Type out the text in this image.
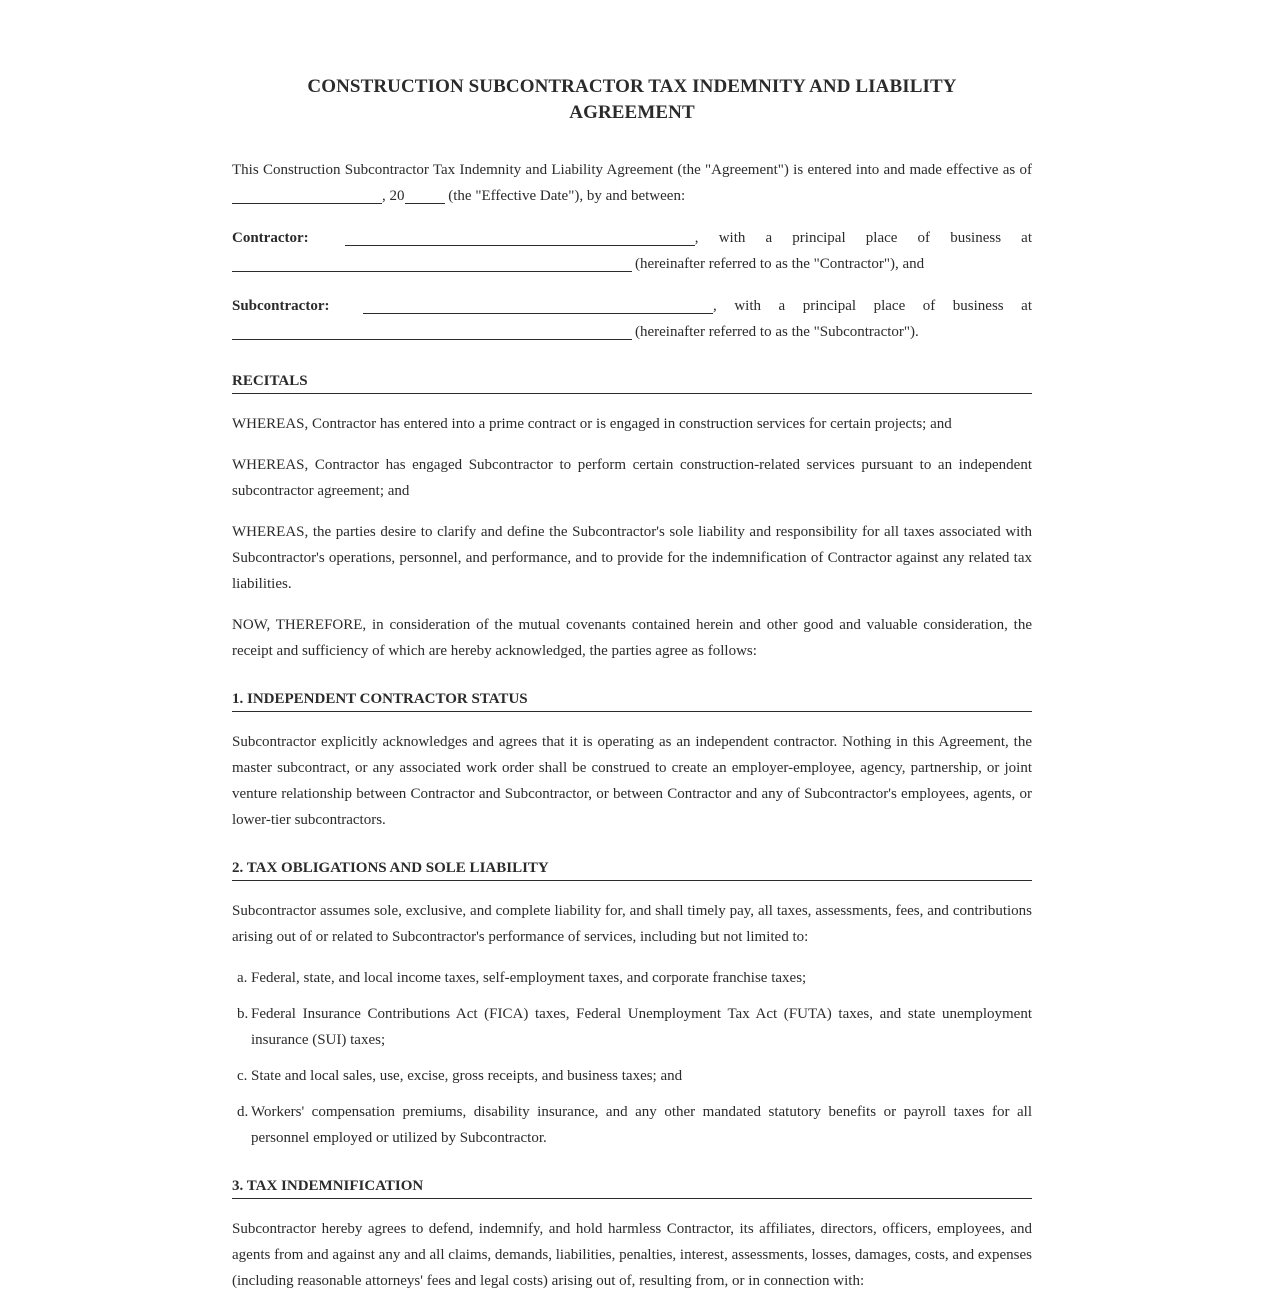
CONSTRUCTION SUBCONTRACTOR TAX INDEMNITY AND LIABILITY
AGREEMENT

This Construction Subcontractor Tax Indemnity and Liability Agreement (the "Agreement") is entered into and made effective as of , 20	(the "Effective Date"), by and between:

Contractor:	, with a principal place of business at (hereinafter referred to as the "Contractor"), and

Subcontractor:	, with a principal place of business at (hereinafter referred to as the "Subcontractor").

RECITALS

WHEREAS, Contractor has entered into a prime contract or is engaged in construction services for certain projects; and

WHEREAS, Contractor has engaged Subcontractor to perform certain construction-related services pursuant to an independent subcontractor agreement; and

WHEREAS, the parties desire to clarify and define the Subcontractor's sole liability and responsibility for all taxes associated with Subcontractor's operations, personnel, and performance, and to provide for the indemnification of Contractor against any related tax liabilities.

NOW, THEREFORE, in consideration of the mutual covenants contained herein and other good and valuable consideration, the receipt and sufficiency of which are hereby acknowledged, the parties agree as follows:

1. INDEPENDENT CONTRACTOR STATUS

Subcontractor explicitly acknowledges and agrees that it is operating as an independent contractor. Nothing in this Agreement, the master subcontract, or any associated work order shall be construed to create an employer-employee, agency, partnership, or joint venture relationship between Contractor and Subcontractor, or between Contractor and any of Subcontractor's employees, agents, or lower-tier subcontractors.

2. TAX OBLIGATIONS AND SOLE LIABILITY

Subcontractor assumes sole, exclusive, and complete liability for, and shall timely pay, all taxes, assessments, fees, and contributions arising out of or related to Subcontractor's performance of services, including but not limited to:

a. Federal, state, and local income taxes, self-employment taxes, and corporate franchise taxes;
b. Federal Insurance Contributions Act (FICA) taxes, Federal Unemployment Tax Act (FUTA) taxes, and state unemployment insurance (SUI) taxes;
c. State and local sales, use, excise, gross receipts, and business taxes; and
d. Workers' compensation premiums, disability insurance, and any other mandated statutory benefits or payroll taxes for all personnel employed or utilized by Subcontractor.
3. TAX INDEMNIFICATION

Subcontractor hereby agrees to defend, indemnify, and hold harmless Contractor, its affiliates, directors, officers, employees, and agents from and against any and all claims, demands, liabilities, penalties, interest, assessments, losses, damages, costs, and expenses (including reasonable attorneys' fees and legal costs) arising out of, resulting from, or in connection with:
